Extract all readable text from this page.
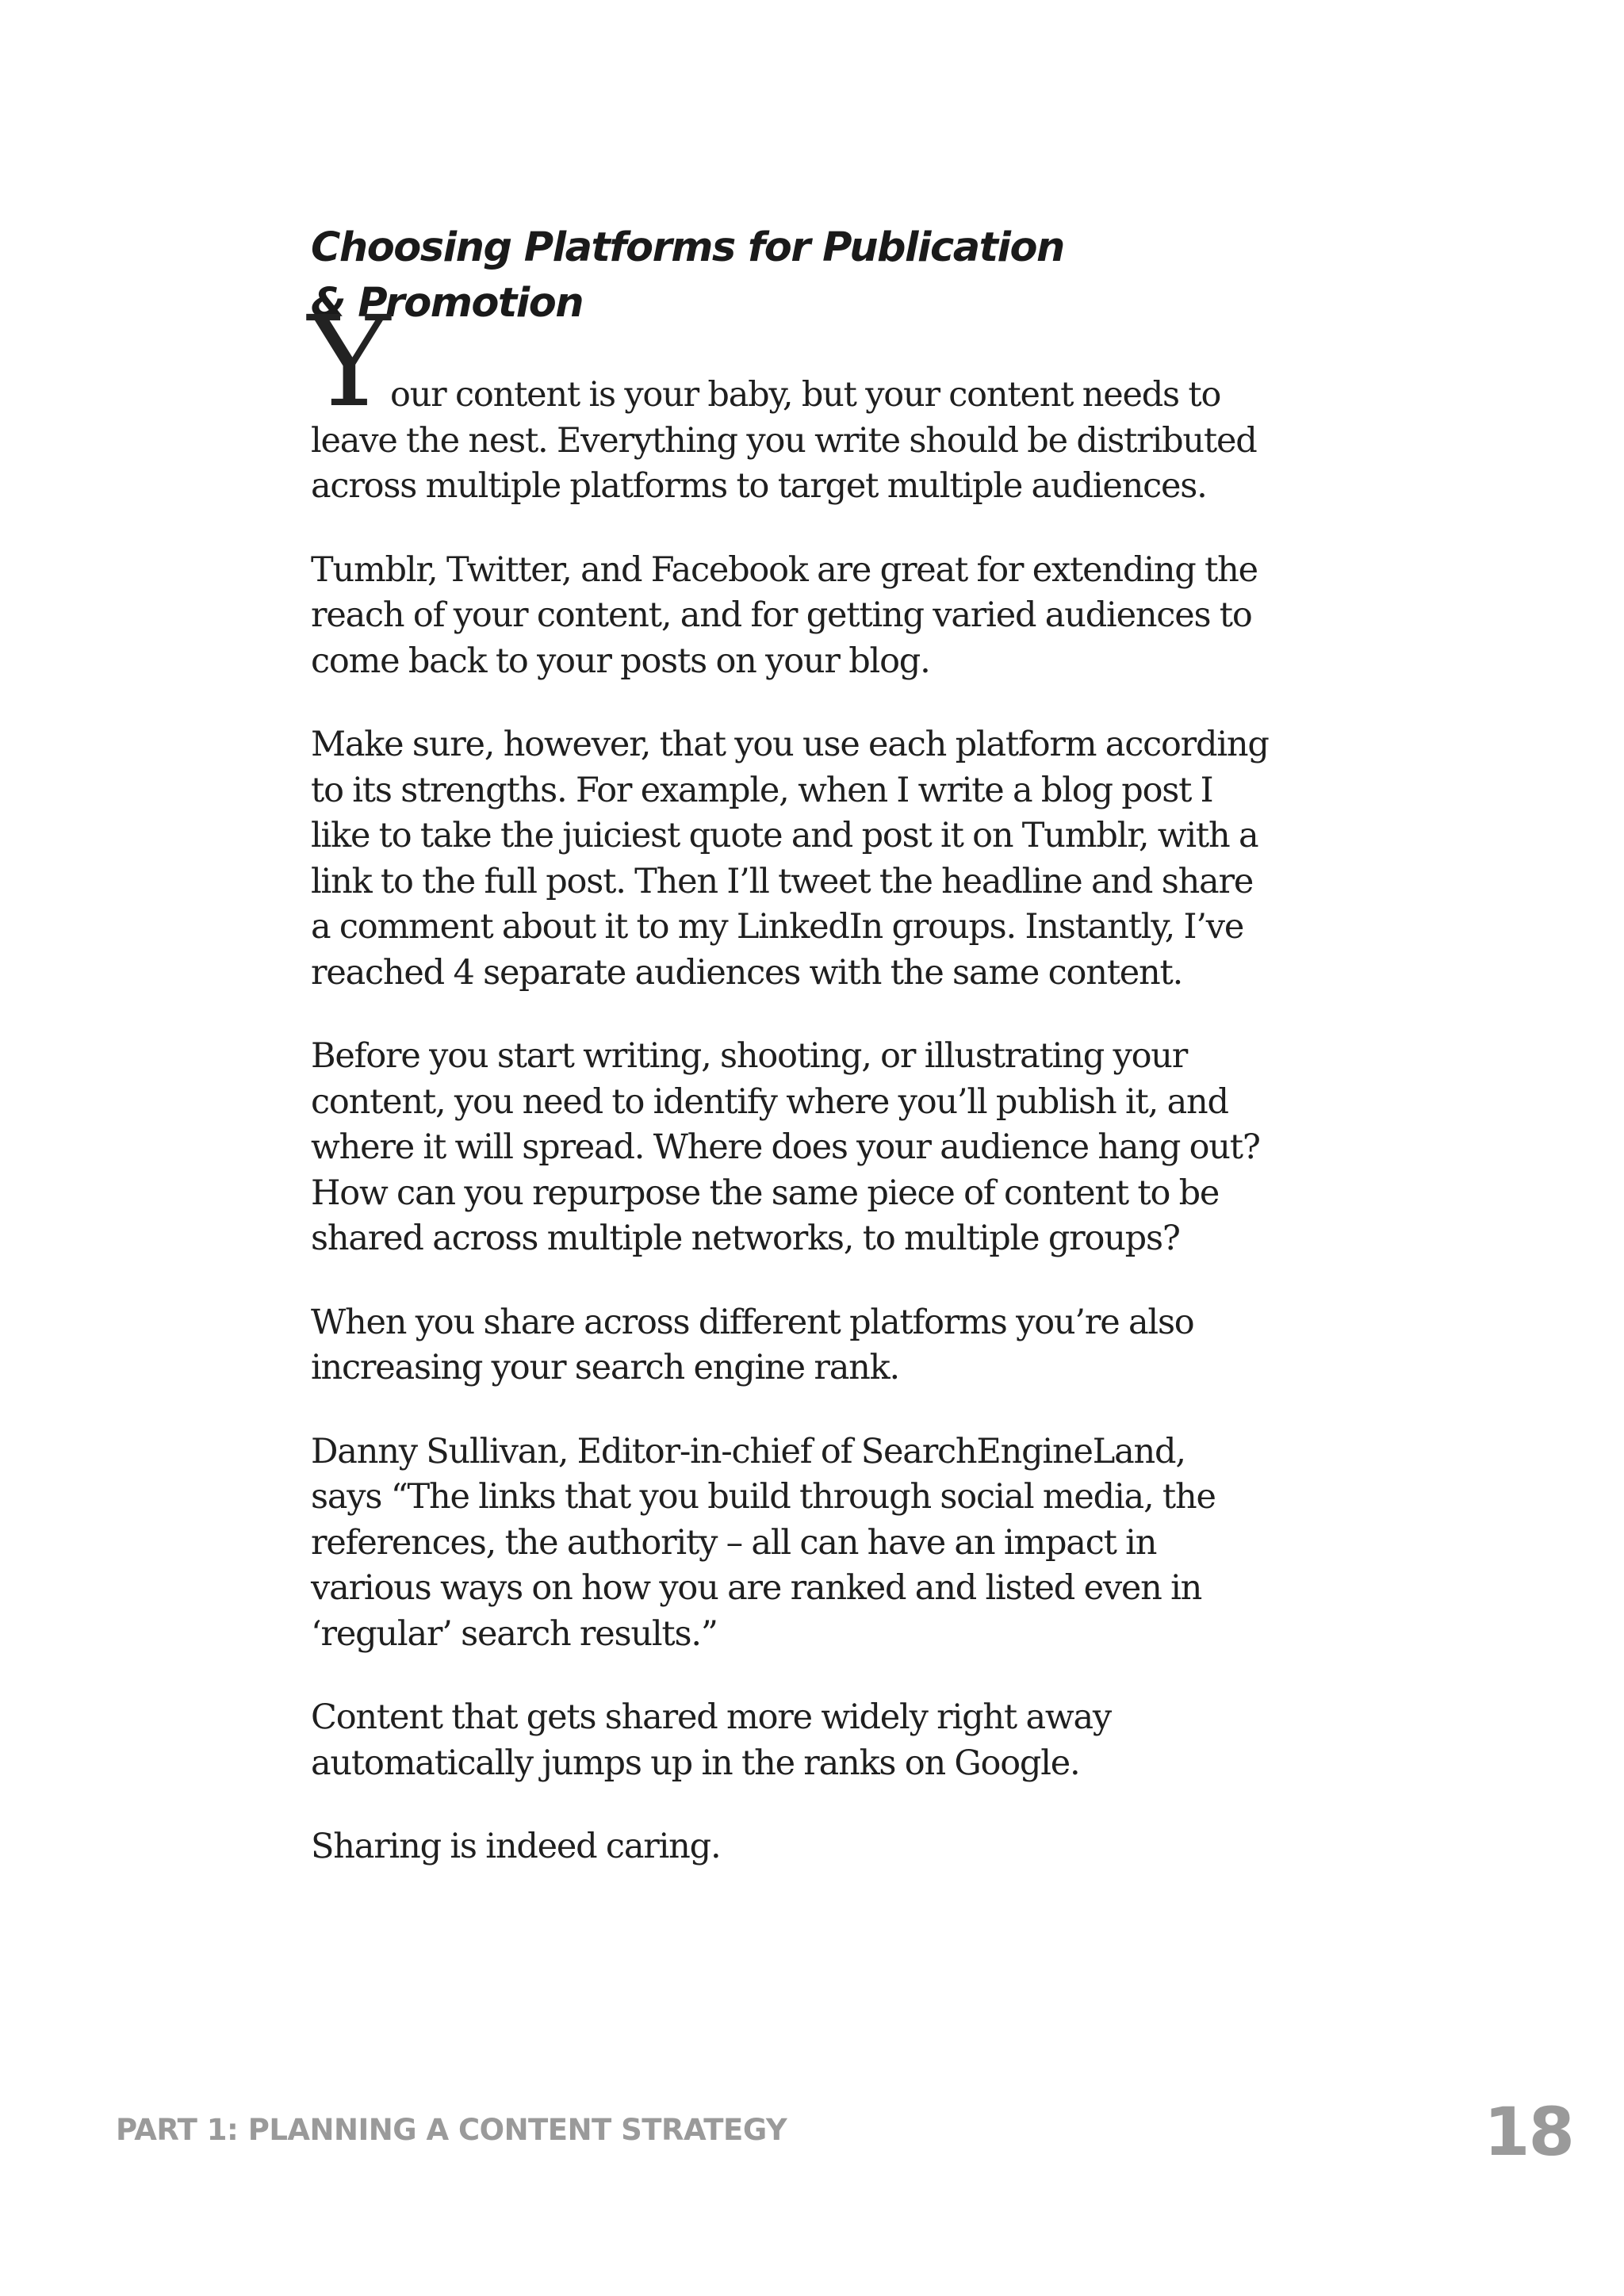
Choosing Platforms for Publication
& Promotion

Y our content is your baby, but your content needs to
leave the nest. Everything you write should be distributed
across multiple platforms to target multiple audiences.

Tumblr, Twitter, and Facebook are great for extending the
reach of your content, and for getting varied audiences to
come back to your posts on your blog.

Make sure, however, that you use each platform according
to its strengths. For example, when I write a blog post I
like to take the juiciest quote and post it on Tumblr, with a
link to the full post. Then I’ll tweet the headline and share
a comment about it to my LinkedIn groups. Instantly, I’ve
reached 4 separate audiences with the same content.

Before you start writing, shooting, or illustrating your
content, you need to identify where you’ll publish it, and
where it will spread. Where does your audience hang out?
How can you repurpose the same piece of content to be
shared across multiple networks, to multiple groups?

When you share across different platforms you’re also
increasing your search engine rank.

Danny Sullivan, Editor-in-chief of SearchEngineLand,
says “The links that you build through social media, the
references, the authority – all can have an impact in
various ways on how you are ranked and listed even in
‘regular’ search results.”

Content that gets shared more widely right away
automatically jumps up in the ranks on Google.

Sharing is indeed caring.

PART 1: PLANNING A CONTENT STRATEGY	18
